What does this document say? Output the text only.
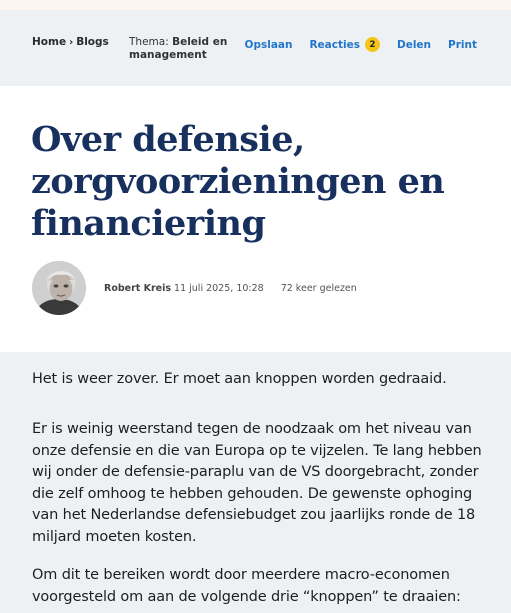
Home › Blogs Thema: Beleid en management
Opslaan Reacties	2	Delen Print
Over defensie, zorgvoorzieningen en financiering
Robert Kreis 11 juli 2025, 10:28 72 keer gelezen

Het is weer zover. Er moet aan knoppen worden gedraaid.

Er is weinig weerstand tegen de noodzaak om het niveau van onze defensie en die van Europa op te vijzelen. Te lang hebben wij onder de defensie-paraplu van de VS doorgebracht, zonder die zelf omhoog te hebben gehouden. De gewenste ophoging van het Nederlandse defensiebudget zou jaarlijks ronde de 18 miljard moeten kosten.

Om dit te bereiken wordt door meerdere macro-economen voorgesteld om aan de volgende drie “knoppen” te draaien:
